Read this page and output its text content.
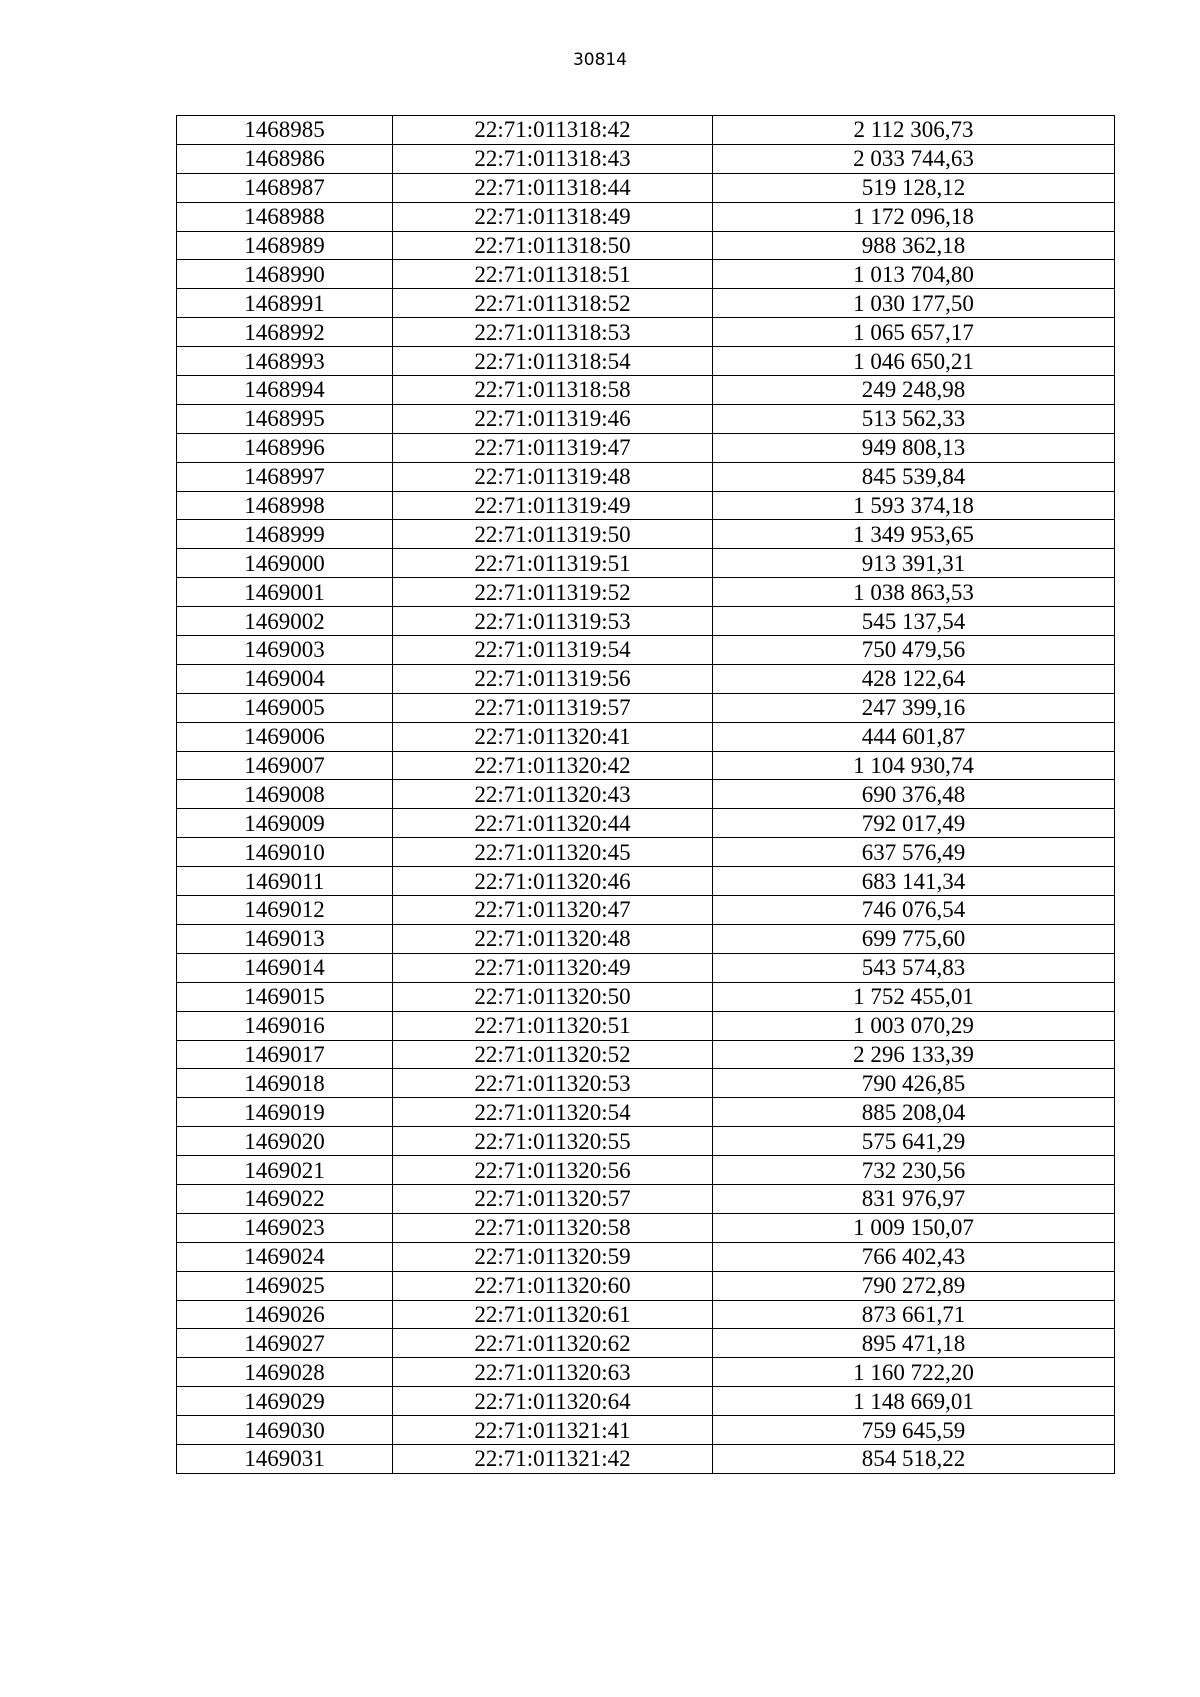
30814
1468985	22:71:011318:42	2 112 306,73
1468986	22:71:011318:43	2 033 744,63
1468987	22:71:011318:44	519 128,12
1468988	22:71:011318:49	1 172 096,18
1468989	22:71:011318:50	988 362,18
1468990	22:71:011318:51	1 013 704,80
1468991	22:71:011318:52	1 030 177,50
1468992	22:71:011318:53	1 065 657,17
1468993	22:71:011318:54	1 046 650,21
1468994	22:71:011318:58	249 248,98
1468995	22:71:011319:46	513 562,33
1468996	22:71:011319:47	949 808,13
1468997	22:71:011319:48	845 539,84
1468998	22:71:011319:49	1 593 374,18
1468999	22:71:011319:50	1 349 953,65
1469000	22:71:011319:51	913 391,31
1469001	22:71:011319:52	1 038 863,53
1469002	22:71:011319:53	545 137,54
1469003	22:71:011319:54	750 479,56
1469004	22:71:011319:56	428 122,64
1469005	22:71:011319:57	247 399,16
1469006	22:71:011320:41	444 601,87
1469007	22:71:011320:42	1 104 930,74
1469008	22:71:011320:43	690 376,48
1469009	22:71:011320:44	792 017,49
1469010	22:71:011320:45	637 576,49
1469011	22:71:011320:46	683 141,34
1469012	22:71:011320:47	746 076,54
1469013	22:71:011320:48	699 775,60
1469014	22:71:011320:49	543 574,83
1469015	22:71:011320:50	1 752 455,01
1469016	22:71:011320:51	1 003 070,29
1469017	22:71:011320:52	2 296 133,39
1469018	22:71:011320:53	790 426,85
1469019	22:71:011320:54	885 208,04
1469020	22:71:011320:55	575 641,29
1469021	22:71:011320:56	732 230,56
1469022	22:71:011320:57	831 976,97
1469023	22:71:011320:58	1 009 150,07
1469024	22:71:011320:59	766 402,43
1469025	22:71:011320:60	790 272,89
1469026	22:71:011320:61	873 661,71
1469027	22:71:011320:62	895 471,18
1469028	22:71:011320:63	1 160 722,20
1469029	22:71:011320:64	1 148 669,01
1469030	22:71:011321:41	759 645,59
1469031	22:71:011321:42	854 518,22
